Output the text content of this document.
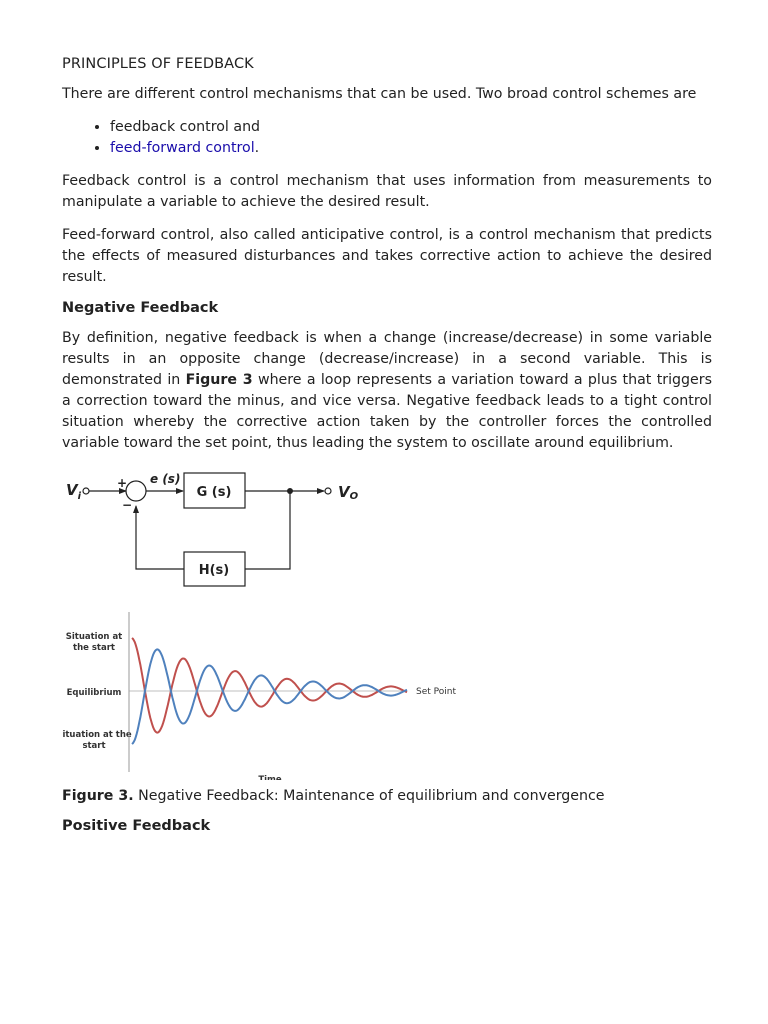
PRINCIPLES OF FEEDBACK

There are different control mechanisms that can be used. Two broad control schemes are

• feedback control and
• feed-forward control.

Feedback control is a control mechanism that uses information from measurements to manipulate a variable to achieve the desired result.

Feed-forward control, also called anticipative control, is a control mechanism that predicts the effects of measured disturbances and takes corrective action to achieve the desired result.

Negative Feedback

By definition, negative feedback is when a change (increase/decrease) in some variable results in an opposite change (decrease/increase) in a second variable. This is demonstrated in Figure 3 where a loop represents a variation toward a plus that triggers a correction toward the minus, and vice versa. Negative feedback leads to a tight control situation whereby the corrective action taken by the controller forces the controlled variable toward the set point, thus leading the system to oscillate around equilibrium.

$V_i$
+
−
e (s)
G (s)	VO
H(s)
Situation at
the start
Equilibrium
Situation at the
start
Set Point
Time
Figure 3. Negative Feedback: Maintenance of equilibrium and convergence
Positive Feedback
